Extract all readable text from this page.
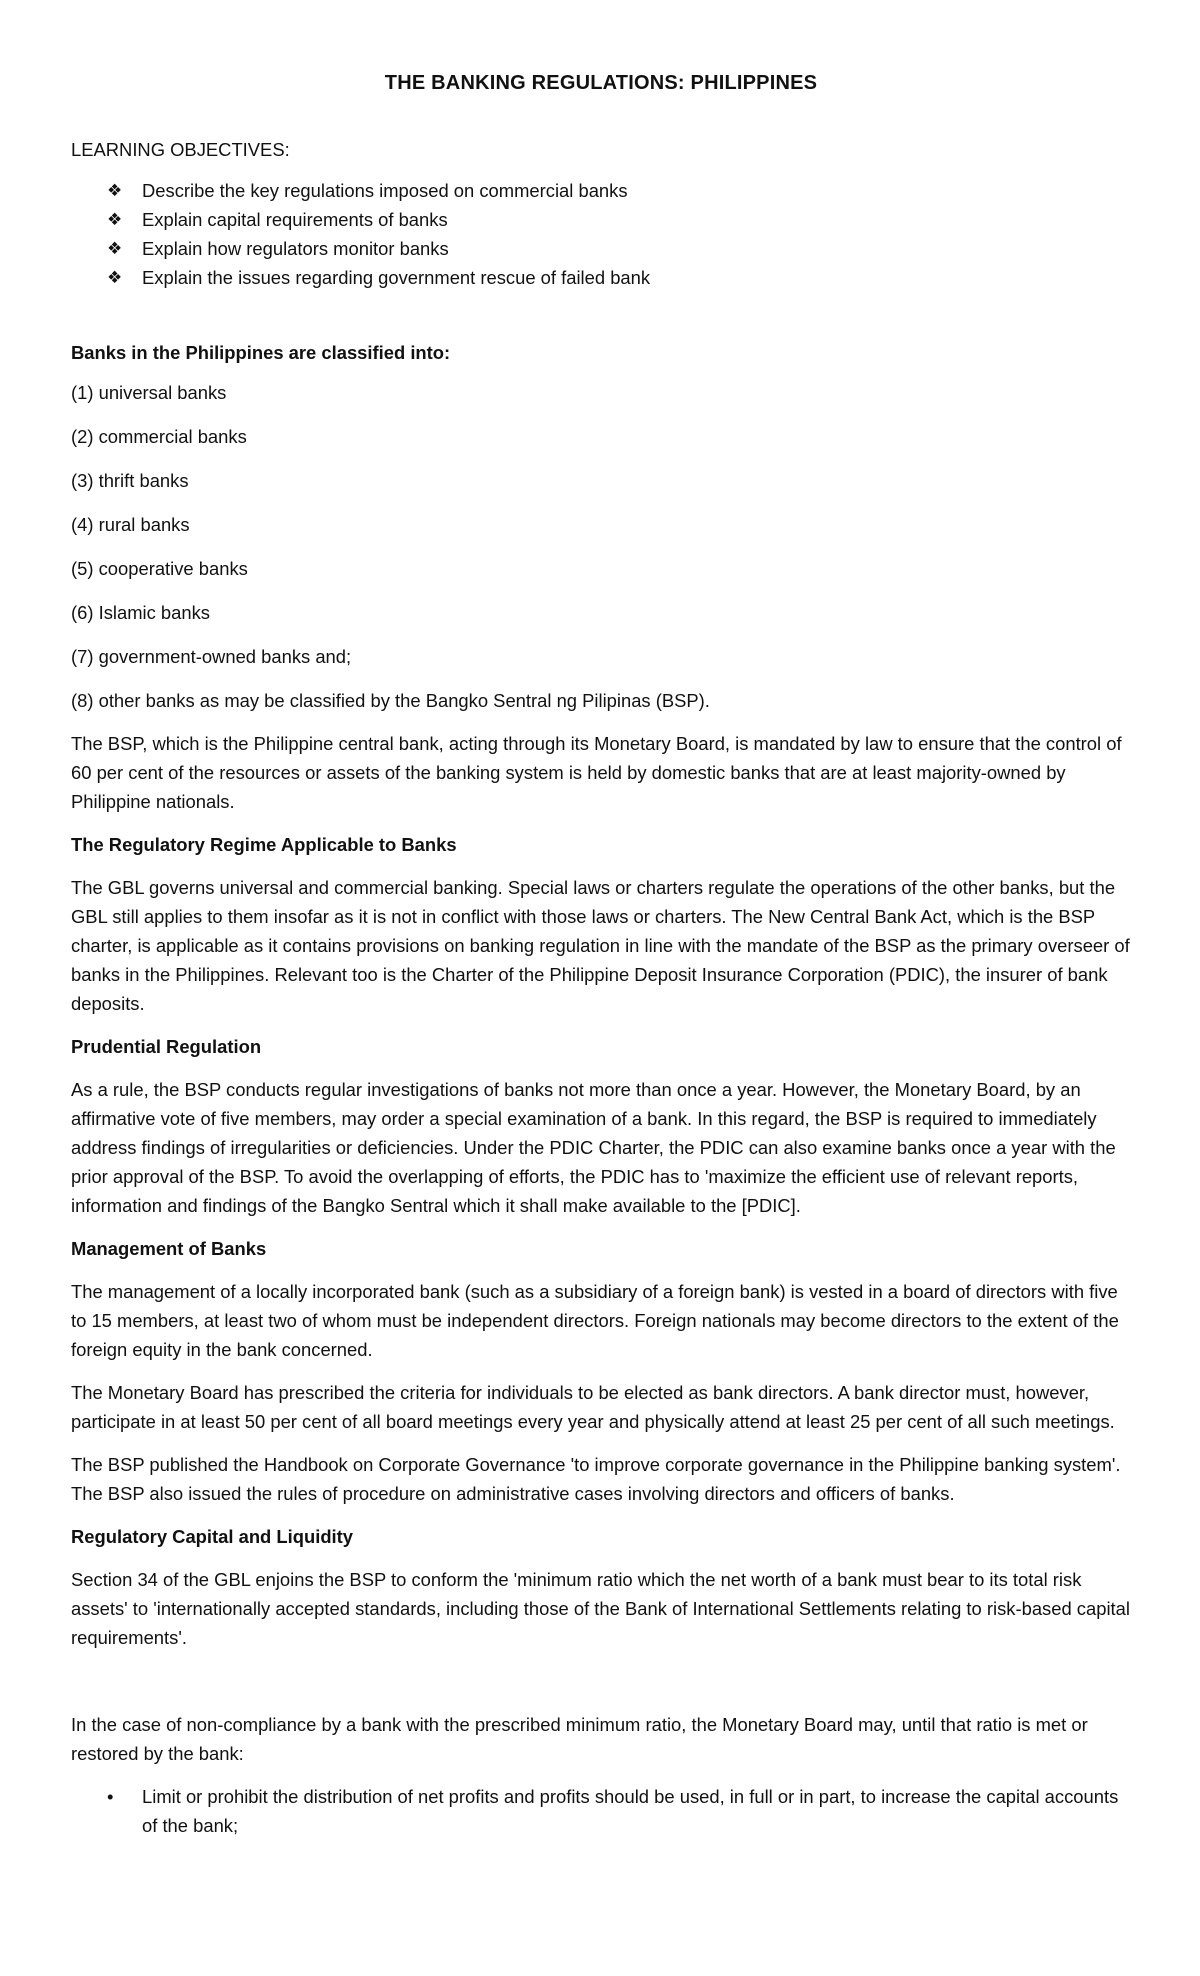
THE BANKING REGULATIONS: PHILIPPINES

LEARNING OBJECTIVES:

❖ Describe the key regulations imposed on commercial banks
❖ Explain capital requirements of banks
❖ Explain how regulators monitor banks
❖ Explain the issues regarding government rescue of failed bank

Banks in the Philippines are classified into:

(1) universal banks

(2) commercial banks

(3) thrift banks

(4) rural banks

(5) cooperative banks

(6) Islamic banks

(7) government-owned banks and;

(8) other banks as may be classified by the Bangko Sentral ng Pilipinas (BSP).

The BSP, which is the Philippine central bank, acting through its Monetary Board, is mandated by law to ensure that the control of 60 per cent of the resources or assets of the banking system is held by domestic banks that are at least majority-owned by Philippine nationals.

The Regulatory Regime Applicable to Banks

The GBL governs universal and commercial banking. Special laws or charters regulate the operations of the other banks, but the GBL still applies to them insofar as it is not in conflict with those laws or charters. The New Central Bank Act, which is the BSP charter, is applicable as it contains provisions on banking regulation in line with the mandate of the BSP as the primary overseer of banks in the Philippines. Relevant too is the Charter of the Philippine Deposit Insurance Corporation (PDIC), the insurer of bank deposits.

Prudential Regulation

As a rule, the BSP conducts regular investigations of banks not more than once a year. However, the Monetary Board, by an affirmative vote of five members, may order a special examination of a bank. In this regard, the BSP is required to immediately address findings of irregularities or deficiencies. Under the PDIC Charter, the PDIC can also examine banks once a year with the prior approval of the BSP. To avoid the overlapping of efforts, the PDIC has to 'maximize the efficient use of relevant reports, information and findings of the Bangko Sentral which it shall make available to the [PDIC].

Management of Banks

The management of a locally incorporated bank (such as a subsidiary of a foreign bank) is vested in a board of directors with five to 15 members, at least two of whom must be independent directors. Foreign nationals may become directors to the extent of the foreign equity in the bank concerned.

The Monetary Board has prescribed the criteria for individuals to be elected as bank directors. A bank director must, however, participate in at least 50 per cent of all board meetings every year and physically attend at least 25 per cent of all such meetings.

The BSP published the Handbook on Corporate Governance 'to improve corporate governance in the Philippine banking system'. The BSP also issued the rules of procedure on administrative cases involving directors and officers of banks.

Regulatory Capital and Liquidity

Section 34 of the GBL enjoins the BSP to conform the 'minimum ratio which the net worth of a bank must bear to its total risk assets' to 'internationally accepted standards, including those of the Bank of International Settlements relating to risk-based capital requirements'.

In the case of non-compliance by a bank with the prescribed minimum ratio, the Monetary Board may, until that ratio is met or restored by the bank:

• Limit or prohibit the distribution of net profits and profits should be used, in full or in part, to increase the capital accounts of the bank;
